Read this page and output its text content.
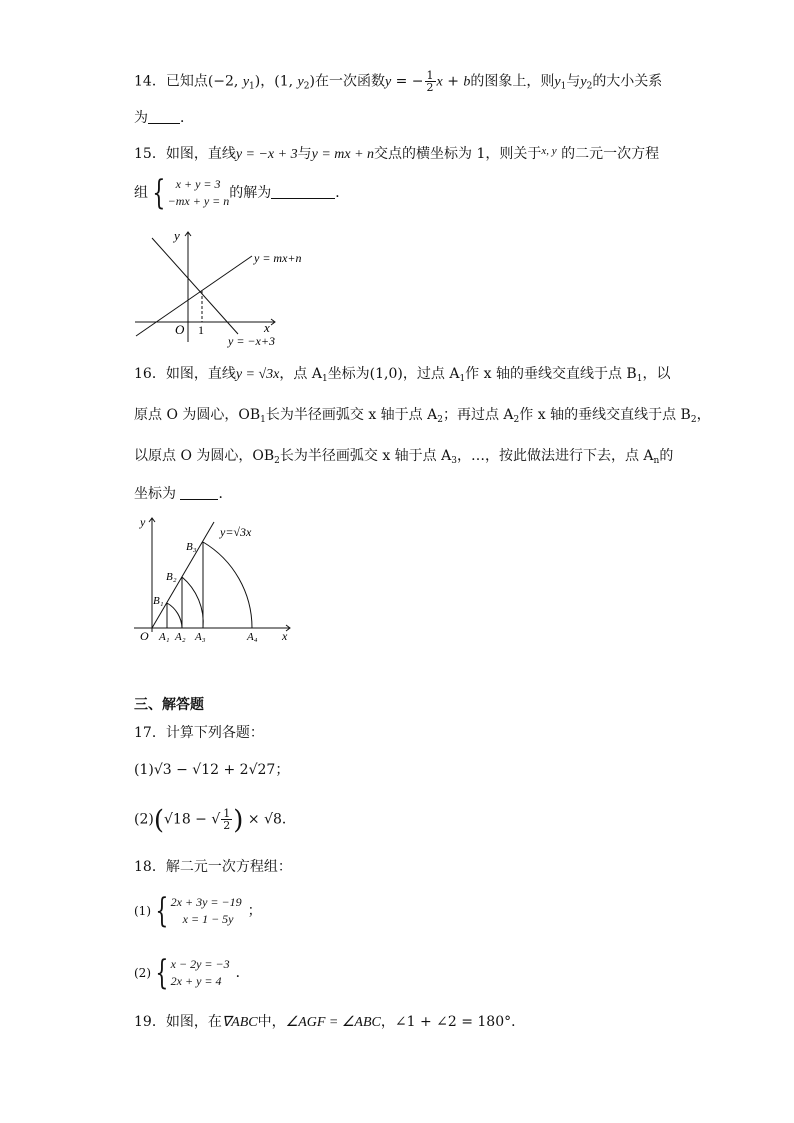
14．已知点(−2, $y_1$)，(1, $y_2$)在一次函数y = − $\frac{1}{2}$ x + b的图象上，则$y_1$与$y_2$的大小关系
为 ．
15．如图，直线y = −x + 3与y = mx + n交点的横坐标为 1，则关于$^{x, y}$ 的二元一次方程
组 { x + y = 3
−mx + y = n 的解为	．
y
x
O 1
y = mx+n
y = −x+3
16．如图，直线y = √3x，点 $A_1$坐标为(1,0)，过点 $A_1$作 x 轴的垂线交直线于点 $B_1$，以
原点 O 为圆心，$OB_1$长为半径画弧交 x 轴于点 $A_2$；再过点 $A_2$作 x 轴的垂线交直线于点 $B_2$，
以原点 O 为圆心，$OB_2$长为半径画弧交 x 轴于点 $A_3$，…，按此做法进行下去，点 $A_n$的
坐标为	．
y
x
O
y=√3x
A₁ A₂ A₃	A₄
B₁
B₂
B₃
三、解答题
17．计算下列各题：
(1)√3 − √12 + 2√27；
(2)(√18 − √ $\frac{1}{2}$ ) × √8．
18．解二元一次方程组：
(1) { 2x + 3y = −19
x = 1 − 5y	；
(2) { x − 2y = −3
2x + y = 4	．
19．如图，在∇ABC中，∠AGF = ∠ABC，∠1 + ∠2 = 180°．
